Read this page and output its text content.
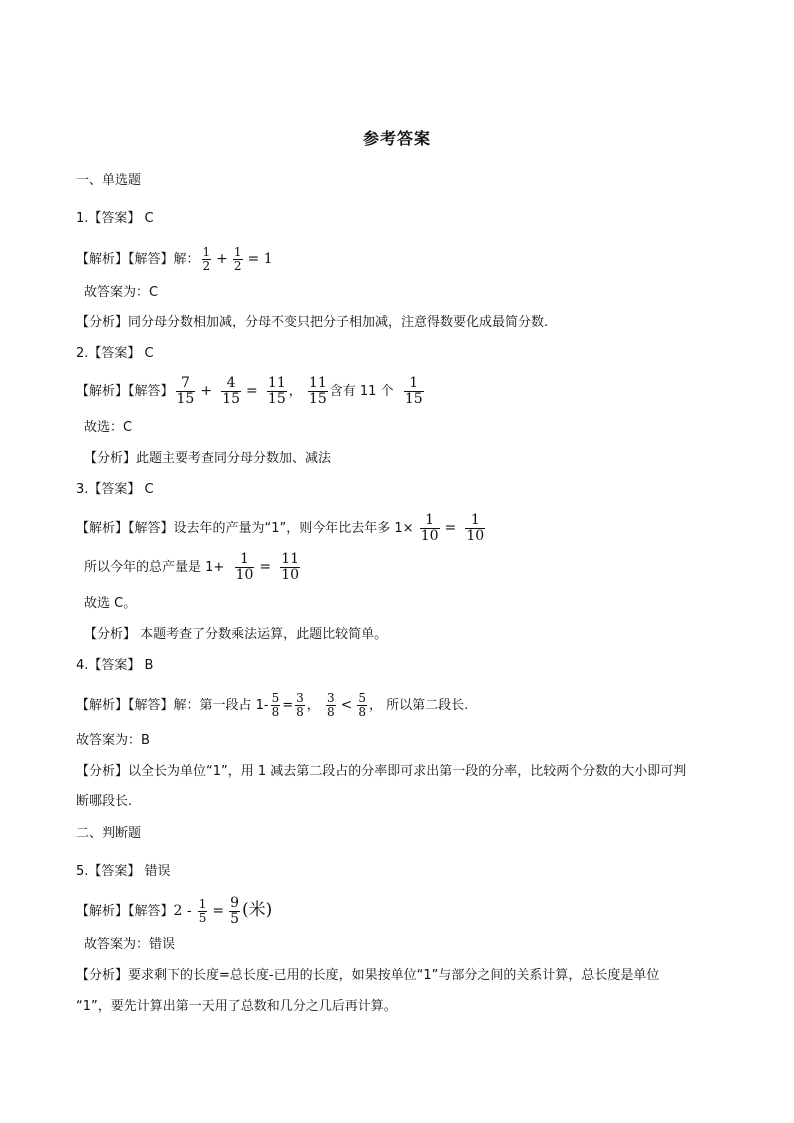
参考答案
一、单选题
1.【答案】 C
【解析】【解答】解： $\frac{1}{2} + \frac{1}{2} = 1$
故答案为：C
【分析】同分母分数相加减，分母不变只把分子相加减，注意得数要化成最简分数.
2.【答案】 C
【解析】【解答】 $\frac{7}{15} + \frac{4}{15} = \frac{11}{15}$ ， $\frac{11}{15}$ 含有 11 个 $\frac{1}{15}$
故选：C
【分析】此题主要考查同分母分数加、减法
3.【答案】 C
【解析】【解答】设去年的产量为“1”，则今年比去年多 $1\times \frac{1}{10} = \frac{1}{10}$
所以今年的总产量是 $1+ \frac{1}{10} = \frac{11}{10}$
故选 C。
【分析】 本题考查了分数乘法运算，此题比较简单。
4.【答案】 B
【解析】【解答】解：第一段占 $1- \frac{5}{8} = \frac{3}{8}$ ， $\frac{3}{8} < \frac{5}{8}$ ， 所以第二段长.
故答案为：B
【分析】以全长为单位“1”，用 1 减去第二段占的分率即可求出第一段的分率，比较两个分数的大小即可判
断哪段长.
二、判断题
5.【答案】 错误
【解析】【解答】$2 - \frac{1}{5} = \frac{9}{5}$ (米)
故答案为：错误
【分析】要求剩下的长度=总长度-已用的长度，如果按单位“1”与部分之间的关系计算，总长度是单位
“1”，要先计算出第一天用了总数和几分之几后再计算。
